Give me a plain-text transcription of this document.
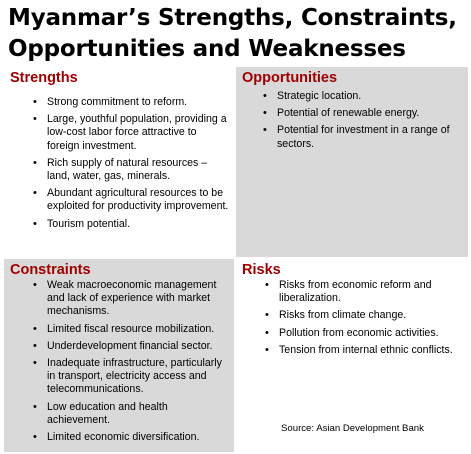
Myanmar’s Strengths, Constraints,
Opportunities and Weaknesses
Strengths
• Strong commitment to reform.
• Large, youthful population, providing a low-cost labor force attractive to foreign investment.
• Rich supply of natural resources – land, water, gas, minerals.
• Abundant agricultural resources to be exploited for productivity improvement.
• Tourism potential.
Opportunities
• Strategic location.
• Potential of renewable energy.
• Potential for investment in a range of sectors.
Constraints
• Weak macroeconomic management and lack of experience with market mechanisms.
• Limited fiscal resource mobilization.
• Underdevelopment financial sector.
• Inadequate infrastructure, particularly in transport, electricity access and telecommunications.
• Low education and health achievement.
• Limited economic diversification.
Risks
• Risks from economic reform and liberalization.
• Risks from climate change.
• Pollution from economic activities.
• Tension from internal ethnic conflicts.
Source: Asian Development Bank
